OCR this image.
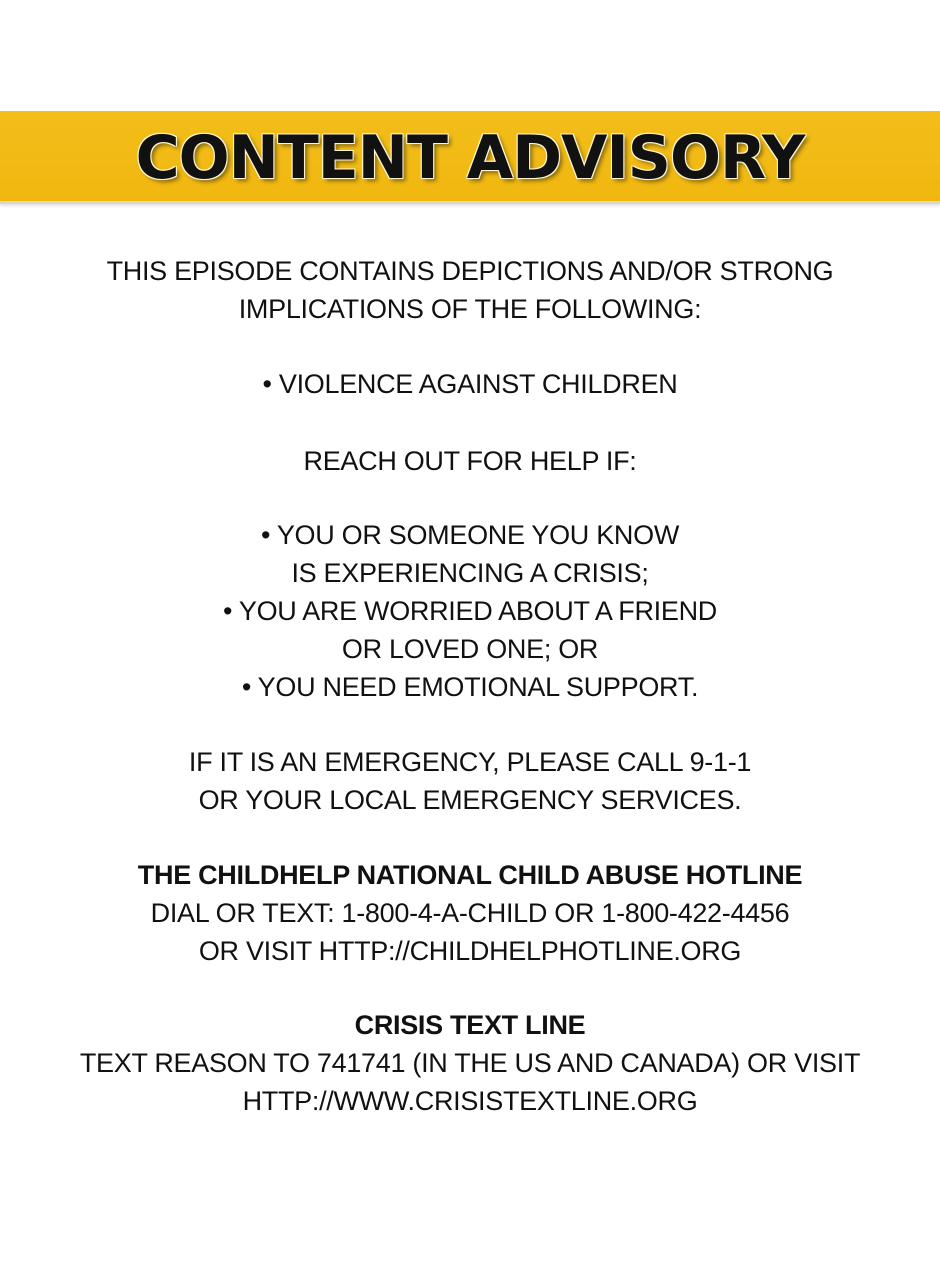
CONTENT ADVISORY
THIS EPISODE CONTAINS DEPICTIONS AND/OR STRONG
IMPLICATIONS OF THE FOLLOWING:
• VIOLENCE AGAINST CHILDREN
REACH OUT FOR HELP IF:
• YOU OR SOMEONE YOU KNOW
IS EXPERIENCING A CRISIS;
• YOU ARE WORRIED ABOUT A FRIEND
OR LOVED ONE; OR
• YOU NEED EMOTIONAL SUPPORT.
IF IT IS AN EMERGENCY, PLEASE CALL 9-1-1
OR YOUR LOCAL EMERGENCY SERVICES.
THE CHILDHELP NATIONAL CHILD ABUSE HOTLINE
DIAL OR TEXT: 1-800-4-A-CHILD OR 1-800-422-4456
OR VISIT HTTP://CHILDHELPHOTLINE.ORG
CRISIS TEXT LINE
TEXT REASON TO 741741 (IN THE US AND CANADA) OR VISIT
HTTP://WWW.CRISISTEXTLINE.ORG
